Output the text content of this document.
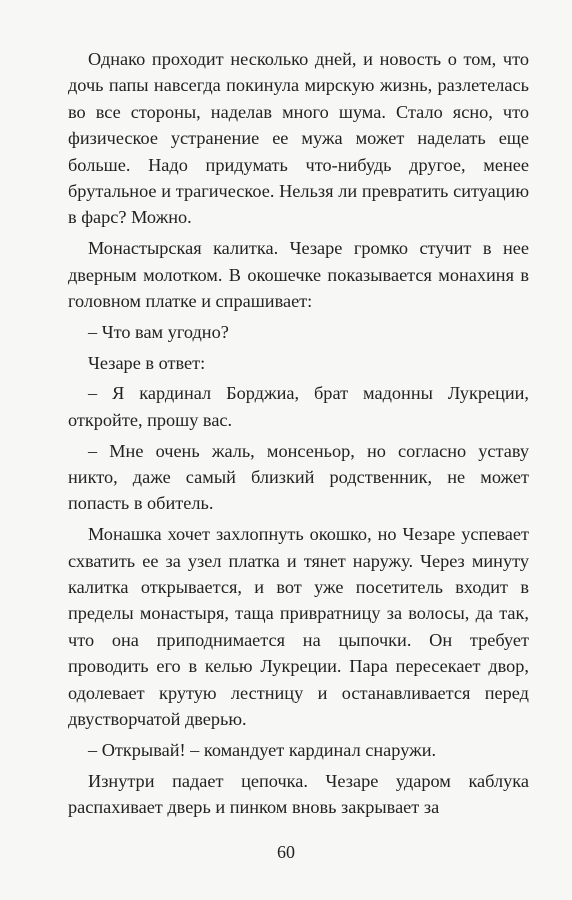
Однако проходит несколько дней, и новость о том, что дочь папы навсегда покинула мирскую жизнь, разлетелась во все стороны, наделав много шума. Стало ясно, что физическое устранение ее мужа может наделать еще больше. Надо придумать что-нибудь другое, менее брутальное и трагическое. Нельзя ли превратить ситуацию в фарс? Можно.

Монастырская калитка. Чезаре громко стучит в нее дверным молотком. В окошечке показывается монахиня в головном платке и спрашивает:

– Что вам угодно?

Чезаре в ответ:

– Я кардинал Борджиа, брат мадонны Лукреции, откройте, прошу вас.

– Мне очень жаль, монсеньор, но согласно уставу никто, даже самый близкий родственник, не может попасть в обитель.

Монашка хочет захлопнуть окошко, но Чезаре успевает схватить ее за узел платка и тянет наружу. Через минуту калитка открывается, и вот уже посетитель входит в пределы монастыря, таща привратницу за волосы, да так, что она приподнимается на цыпочки. Он требует проводить его в келью Лукреции. Пара пересекает двор, одолевает крутую лестницу и останавливается перед двустворчатой дверью.

– Открывай! – командует кардинал снаружи.

Изнутри падает цепочка. Чезаре ударом каблука распахивает дверь и пинком вновь закрывает за

60
